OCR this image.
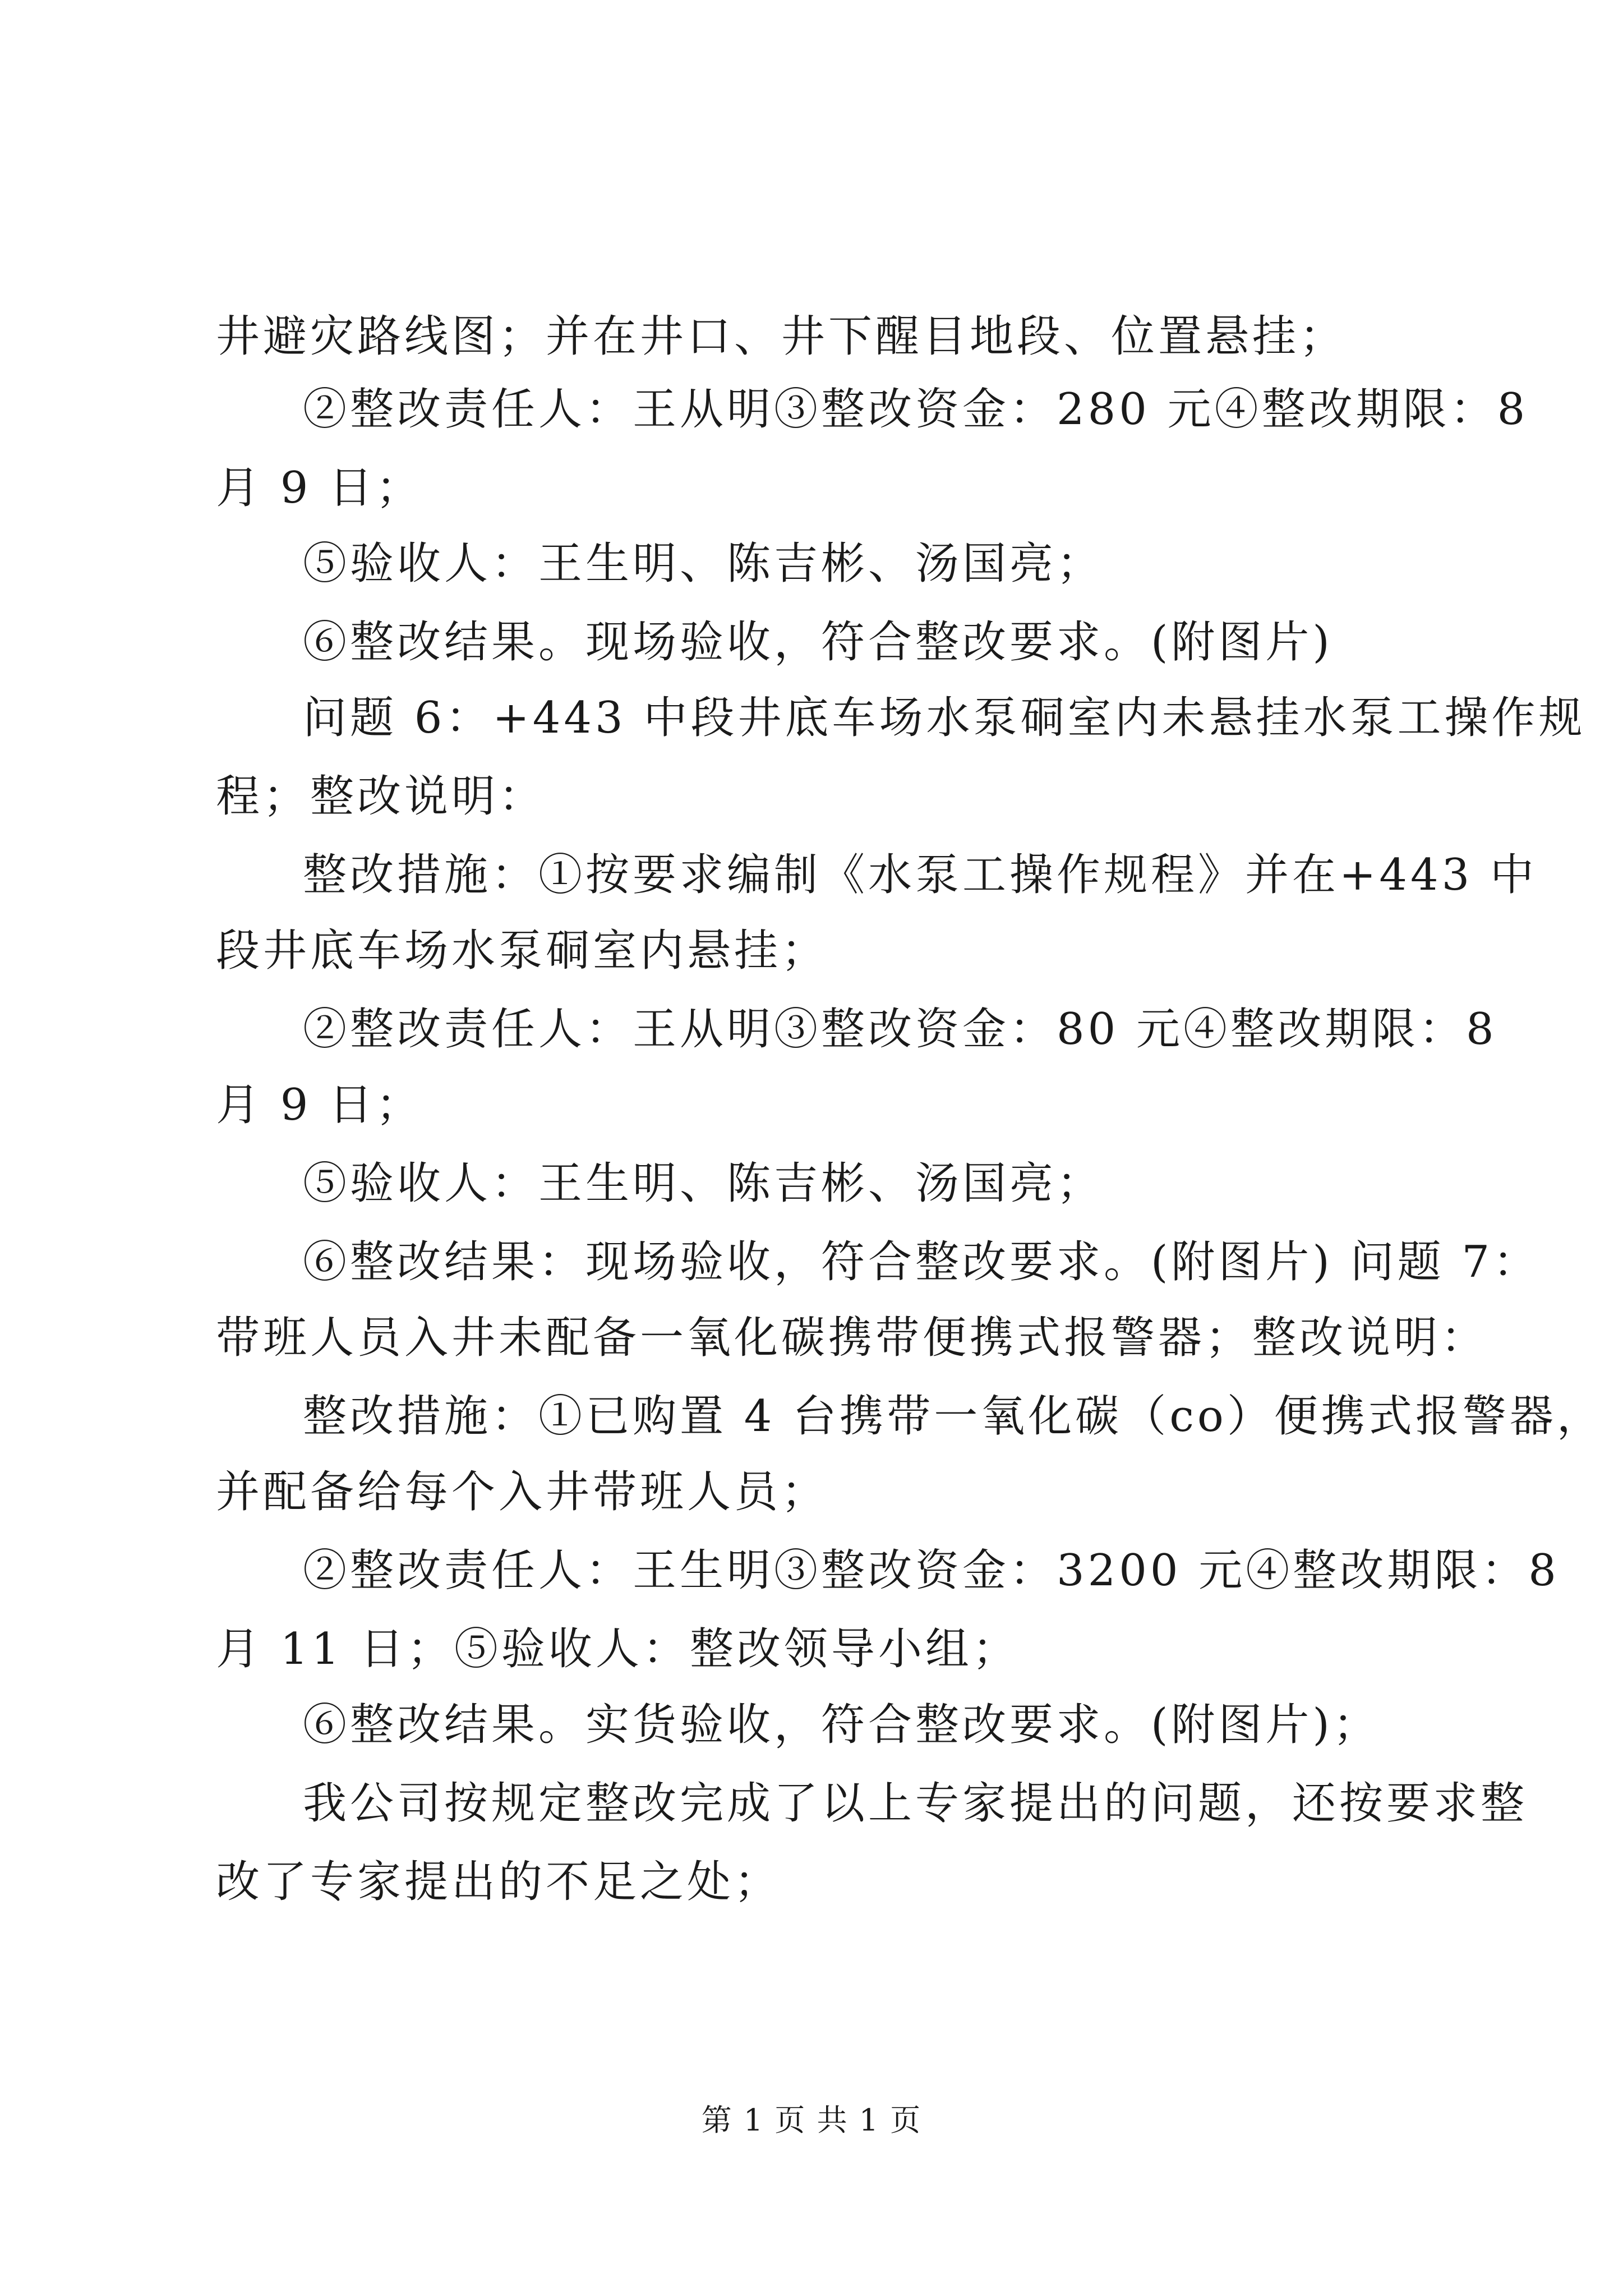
井避灾路线图；并在井口、井下醒目地段、位置悬挂；
②整改责任人：王从明③整改资金：280 元④整改期限：8
月 9 日；
⑤验收人：王生明、陈吉彬、汤国亮；
⑥整改结果。现场验收，符合整改要求。(附图片)
问题 6：+443 中段井底车场水泵硐室内未悬挂水泵工操作规
程；整改说明：
整改措施：①按要求编制《水泵工操作规程》并在+443 中
段井底车场水泵硐室内悬挂；
②整改责任人：王从明③整改资金：80 元④整改期限：8
月 9 日；
⑤验收人：王生明、陈吉彬、汤国亮；
⑥整改结果：现场验收，符合整改要求。(附图片) 问题 7：
带班人员入井未配备一氧化碳携带便携式报警器；整改说明：
整改措施：①已购置 4 台携带一氧化碳（co）便携式报警器，
并配备给每个入井带班人员；
②整改责任人：王生明③整改资金：3200 元④整改期限：8
月 11 日；⑤验收人：整改领导小组；
⑥整改结果。实货验收，符合整改要求。(附图片)；
我公司按规定整改完成了以上专家提出的问题，还按要求整
改了专家提出的不足之处；
第 1 页 共 1 页
